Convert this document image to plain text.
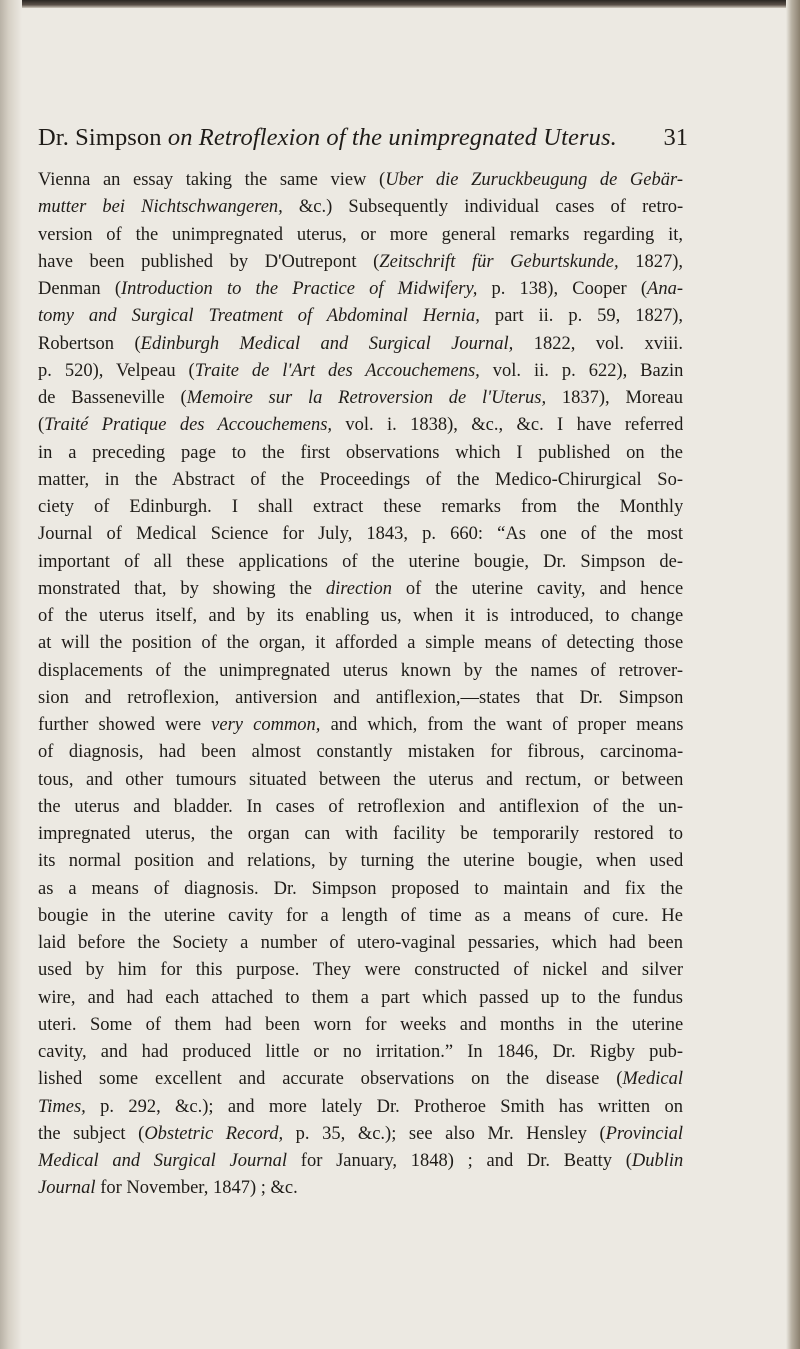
Dr. Simpson on Retroflexion of the unimpregnated Uterus. 31
Vienna an essay taking the same view (Uber die Zuruckbeugung de Gebär-
mutter bei Nichtschwangeren, &c.) Subsequently individual cases of retro-
version of the unimpregnated uterus, or more general remarks regarding it,
have been published by D'Outrepont (Zeitschrift für Geburtskunde, 1827),
Denman (Introduction to the Practice of Midwifery, p. 138), Cooper (Ana-
tomy and Surgical Treatment of Abdominal Hernia, part ii. p. 59, 1827),
Robertson (Edinburgh Medical and Surgical Journal, 1822, vol. xviii.
p. 520), Velpeau (Traite de l'Art des Accouchemens, vol. ii. p. 622), Bazin
de Basseneville (Memoire sur la Retroversion de l'Uterus, 1837), Moreau
(Traité Pratique des Accouchemens, vol. i. 1838), &c., &c. I have referred
in a preceding page to the first observations which I published on the
matter, in the Abstract of the Proceedings of the Medico-Chirurgical So-
ciety of Edinburgh. I shall extract these remarks from the Monthly
Journal of Medical Science for July, 1843, p. 660: “As one of the most
important of all these applications of the uterine bougie, Dr. Simpson de-
monstrated that, by showing the direction of the uterine cavity, and hence
of the uterus itself, and by its enabling us, when it is introduced, to change
at will the position of the organ, it afforded a simple means of detecting those
displacements of the unimpregnated uterus known by the names of retrover-
sion and retroflexion, antiversion and antiflexion,—states that Dr. Simpson
further showed were very common, and which, from the want of proper means
of diagnosis, had been almost constantly mistaken for fibrous, carcinoma-
tous, and other tumours situated between the uterus and rectum, or between
the uterus and bladder. In cases of retroflexion and antiflexion of the un-
impregnated uterus, the organ can with facility be temporarily restored to
its normal position and relations, by turning the uterine bougie, when used
as a means of diagnosis. Dr. Simpson proposed to maintain and fix the
bougie in the uterine cavity for a length of time as a means of cure. He
laid before the Society a number of utero-vaginal pessaries, which had been
used by him for this purpose. They were constructed of nickel and silver
wire, and had each attached to them a part which passed up to the fundus
uteri. Some of them had been worn for weeks and months in the uterine
cavity, and had produced little or no irritation.” In 1846, Dr. Rigby pub-
lished some excellent and accurate observations on the disease (Medical
Times, p. 292, &c.); and more lately Dr. Protheroe Smith has written on
the subject (Obstetric Record, p. 35, &c.); see also Mr. Hensley (Provincial
Medical and Surgical Journal for January, 1848) ; and Dr. Beatty (Dublin
Journal for November, 1847) ; &c.
